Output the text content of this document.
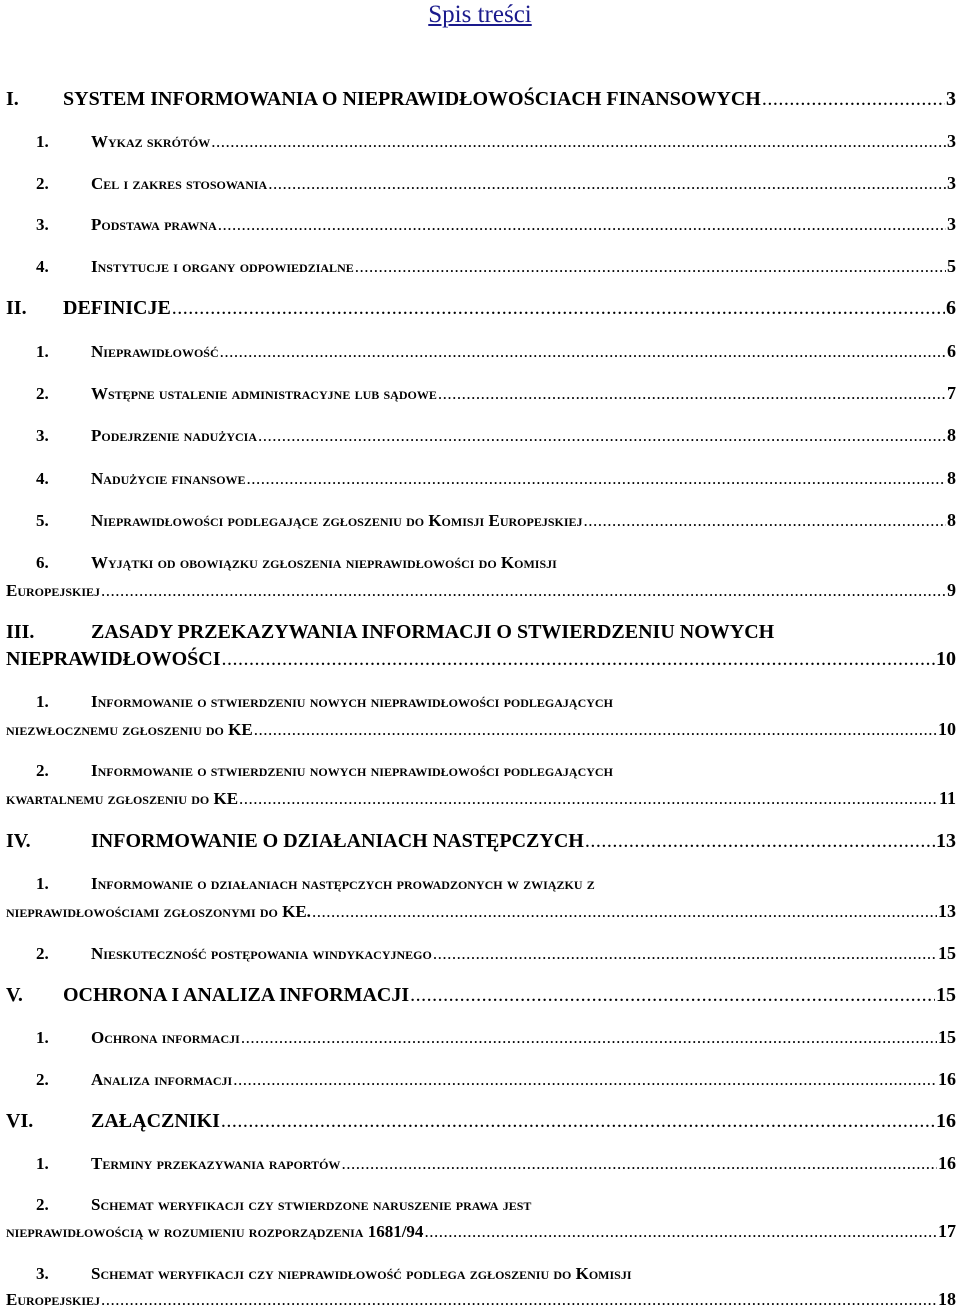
Spis treści
I.	SYSTEM INFORMOWANIA O NIEPRAWIDŁOWOŚCIACH FINANSOWYCH .....	3
1.	Wykaz skrótów .....	3
2.	Cel i zakres stosowania .....	3
3.	Podstawa prawna .....	3
4.	Instytucje i organy odpowiedzialne .....	5
II.	DEFINICJE .....	6
1.	Nieprawidłowość .....	6
2.	Wstępne ustalenie administracyjne lub sądowe .....	7
3.	Podejrzenie nadużycia .....	8
4.	Nadużycie finansowe .....	8
5.	Nieprawidłowości podlegające zgłoszeniu do Komisji Europejskiej .....	8
6. Wyjątki od obowiązku zgłoszenia nieprawidłowości do Komisji
Europejskiej .....	9
III.	ZASADY PRZEKAZYWANIA INFORMACJI O STWIERDZENIU NOWYCH
NIEPRAWIDŁOWOŚCI .....	10
1. Informowanie o stwierdzeniu nowych nieprawidłowości podlegających
niezwłocznemu zgłoszeniu do KE .....	10
2. Informowanie o stwierdzeniu nowych nieprawidłowości podlegających
kwartalnemu zgłoszeniu do KE .....	11
IV.	INFORMOWANIE O DZIAŁANIACH NASTĘPCZYCH .....	13
1. Informowanie o działaniach następczych prowadzonych w związku z
nieprawidłowościami zgłoszonymi do KE. .....	13
2.	Nieskuteczność postępowania windykacyjnego .....	15
V.	OCHRONA I ANALIZA INFORMACJI .....	15
1.	Ochrona informacji .....	15
2.	Analiza informacji .....	16
VI.	ZAŁĄCZNIKI .....	16
1.	Terminy przekazywania raportów .....	16
2. Schemat weryfikacji czy stwierdzone naruszenie prawa jest
nieprawidłowością w rozumieniu rozporządzenia 1681/94 .....	17
3. Schemat weryfikacji czy nieprawidłowość podlega zgłoszeniu do Komisji
Europejskiej .....	18
